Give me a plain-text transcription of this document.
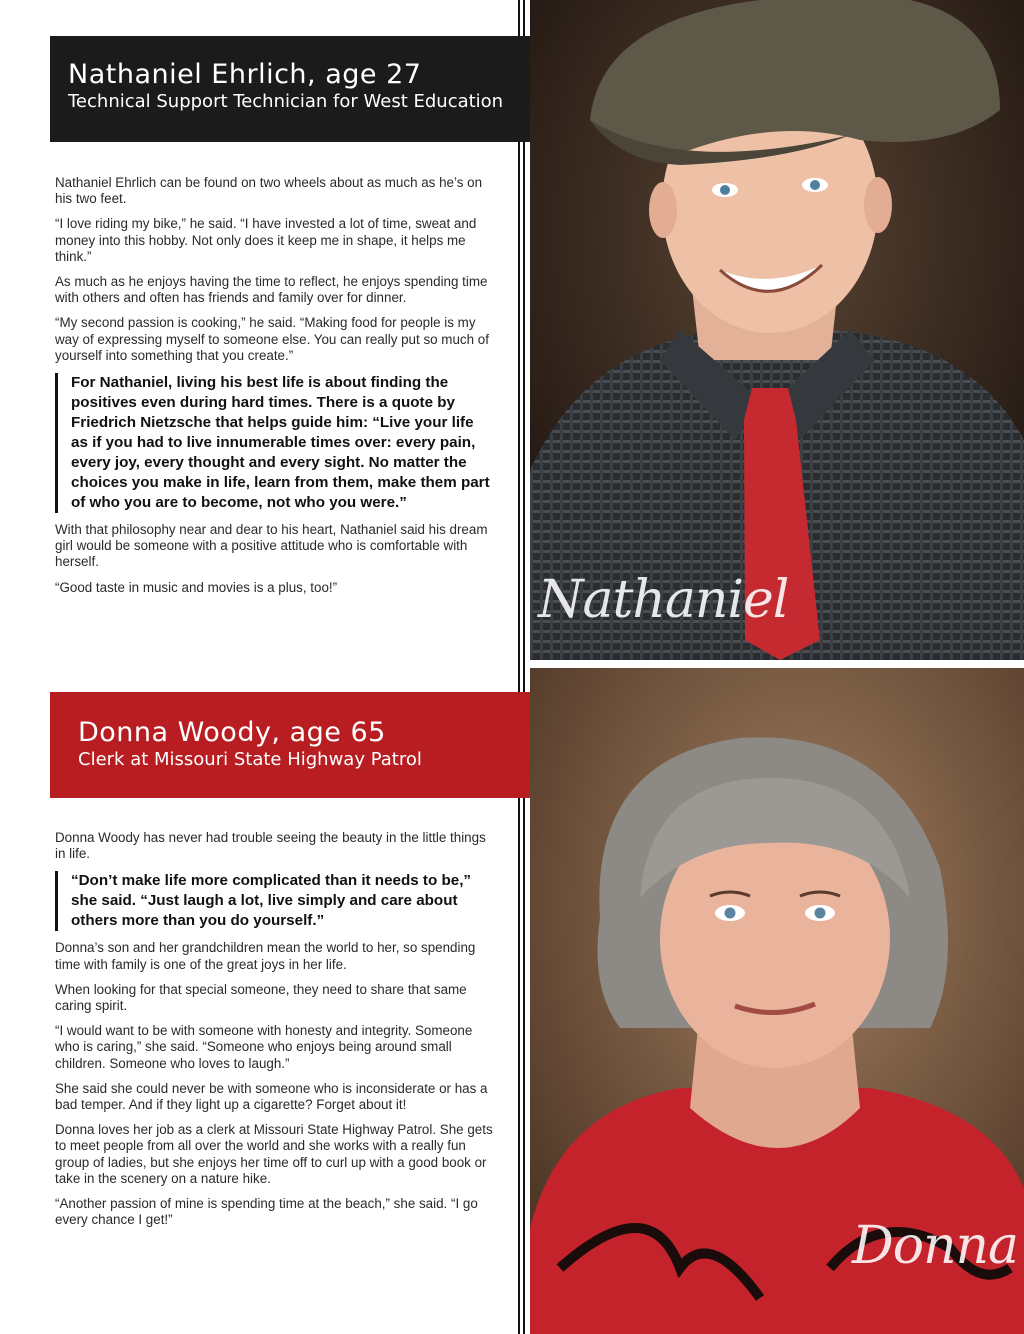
Nathaniel Ehrlich, age 27
Technical Support Technician for West Education

Nathaniel Ehrlich can be found on two wheels about as much as he’s on his two feet.

“I love riding my bike,” he said. “I have invested a lot of time, sweat and money into this hobby. Not only does it keep me in shape, it helps me think.”

As much as he enjoys having the time to reflect, he enjoys spending time with others and often has friends and family over for dinner.

“My second passion is cooking,” he said. “Making food for people is my way of expressing myself to someone else. You can really put so much of yourself into something that you create.”

For Nathaniel, living his best life is about finding the positives even during hard times. There is a quote by Friedrich Nietzsche that helps guide him: “Live your life as if you had to live innumerable times over: every pain, every joy, every thought and every sight. No matter the choices you make in life, learn from them, make them part of who you are to become, not who you were.”

With that philosophy near and dear to his heart, Nathaniel said his dream girl would be someone with a positive attitude who is comfortable with herself.

“Good taste in music and movies is a plus, too!”	Nathaniel
Donna Woody, age 65
Clerk at Missouri State Highway Patrol

Donna Woody has never had trouble seeing the beauty in the little things in life.

“Don’t make life more complicated than it needs to be,” she said. “Just laugh a lot, live simply and care about others more than you do yourself.”

Donna’s son and her grandchildren mean the world to her, so spending time with family is one of the great joys in her life.

When looking for that special someone, they need to share that same caring spirit.

“I would want to be with someone with honesty and integrity. Someone who is caring,” she said. “Someone who enjoys being around small children. Someone who loves to laugh.”

She said she could never be with someone who is inconsiderate or has a bad temper. And if they light up a cigarette? Forget about it!

Donna loves her job as a clerk at Missouri State Highway Patrol. She gets to meet people from all over the world and she works with a really fun group of ladies, but she enjoys her time off to curl up with a good book or take in the scenery on a nature hike.

“Another passion of mine is spending time at the beach,” she said. “I go every chance I get!”	Donna
